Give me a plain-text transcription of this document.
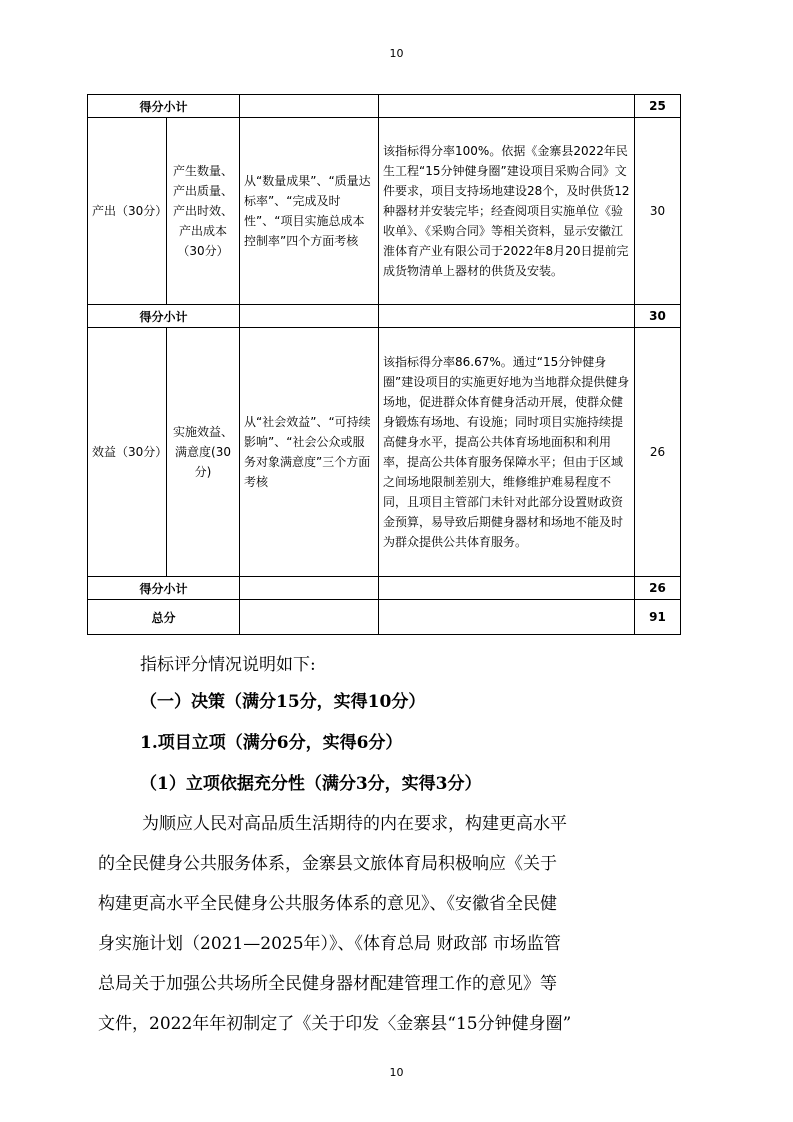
10
得分小计				25
产出（30分）	产生数量、产出质量、产出时效、产出成本（30分）	从“数量成果”、“质量达标率”、“完成及时性”、“项目实施总成本控制率”四个方面考核	该指标得分率100%。依据《金寨县2022年民生工程“15分钟健身圈”建设项目采购合同》文件要求，项目支持场地建设28个，及时供货12种器材并安装完毕；经查阅项目实施单位《验收单》、《采购合同》等相关资料，显示安徽江淮体育产业有限公司于2022年8月20日提前完成货物清单上器材的供货及安装。	30
得分小计				30
效益（30分）	实施效益、满意度(30分)	从“社会效益”、“可持续影响”、“社会公众或服务对象满意度”三个方面考核	该指标得分率86.67%。通过“15分钟健身圈”建设项目的实施更好地为当地群众提供健身场地，促进群众体育健身活动开展，使群众健身锻炼有场地、有设施；同时项目实施持续提高健身水平，提高公共体育场地面积和利用率，提高公共体育服务保障水平；但由于区域之间场地限制差别大，维修维护难易程度不同，且项目主管部门未针对此部分设置财政资金预算，易导致后期健身器材和场地不能及时为群众提供公共体育服务。	26
得分小计				26
总分				91
指标评分情况说明如下:
（一）决策（满分15分，实得10分）
1.项目立项（满分6分，实得6分）
（1）立项依据充分性（满分3分，实得3分）
为顺应人民对高品质生活期待的内在要求，构建更高水平
的全民健身公共服务体系，金寨县文旅体育局积极响应《关于
构建更高水平全民健身公共服务体系的意见》、《安徽省全民健
身实施计划（2021—2025年）》、《体育总局 财政部 市场监管
总局关于加强公共场所全民健身器材配建管理工作的意见》等
文件，2022年年初制定了《关于印发〈金寨县“15分钟健身圈”
10
